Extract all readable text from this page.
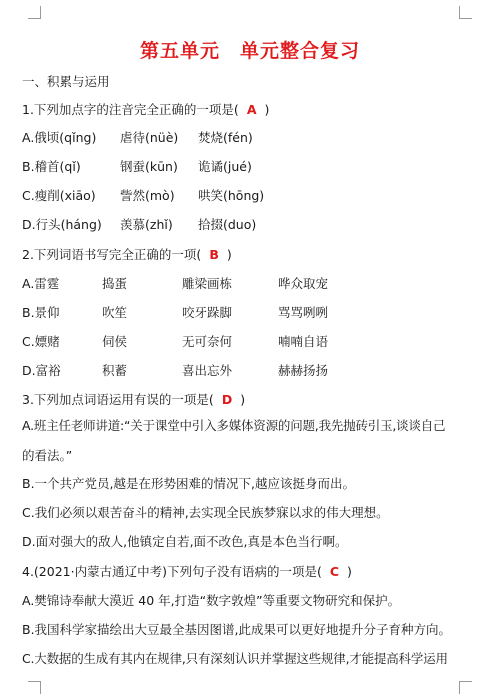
第五单元　单元整合复习
一、积累与运用
1.下列加点字的注音完全正确的一项是( A )
A.俄顷(qǐng) 虐待(nüè) 焚烧(fén)
B.稽首(qǐ)	钢蚕(kūn) 诡谲(jué)
C.瘦削(xiāo) 訾然(mò) 哄笑(hōng)
D.行头(háng) 羡慕(zhǐ) 拾掇(duo)
2.下列词语书写完全正确的一项( B )
A.雷霆	捣蛋	雕梁画栋	哗众取宠
B.景仰	吹笙	咬牙跺脚	骂骂咧咧
C.嫖赌	伺侯	无可奈何	喃喃自语
D.富裕	积蓄	喜出忘外	赫赫扬扬
3.下列加点词语运用有误的一项是( D )
A.班主任老师讲道:“关于课堂中引入多媒体资源的问题,我先抛砖引玉,谈谈自己
的看法。”
B.一个共产党员,越是在形势困难的情况下,越应该挺身而出。
C.我们必须以艰苦奋斗的精神,去实现全民族梦寐以求的伟大理想。
D.面对强大的敌人,他镇定自若,面不改色,真是本色当行啊。
4.(2021·内蒙古通辽中考)下列句子没有语病的一项是( C )
A.樊锦诗奉献大漠近 40 年,打造“数字敦煌”等重要文物研究和保护。
B.我国科学家描绘出大豆最全基因图谱,此成果可以更好地提升分子育种方向。
C.大数据的生成有其内在规律,只有深刻认识并掌握这些规律,才能提高科学运用
